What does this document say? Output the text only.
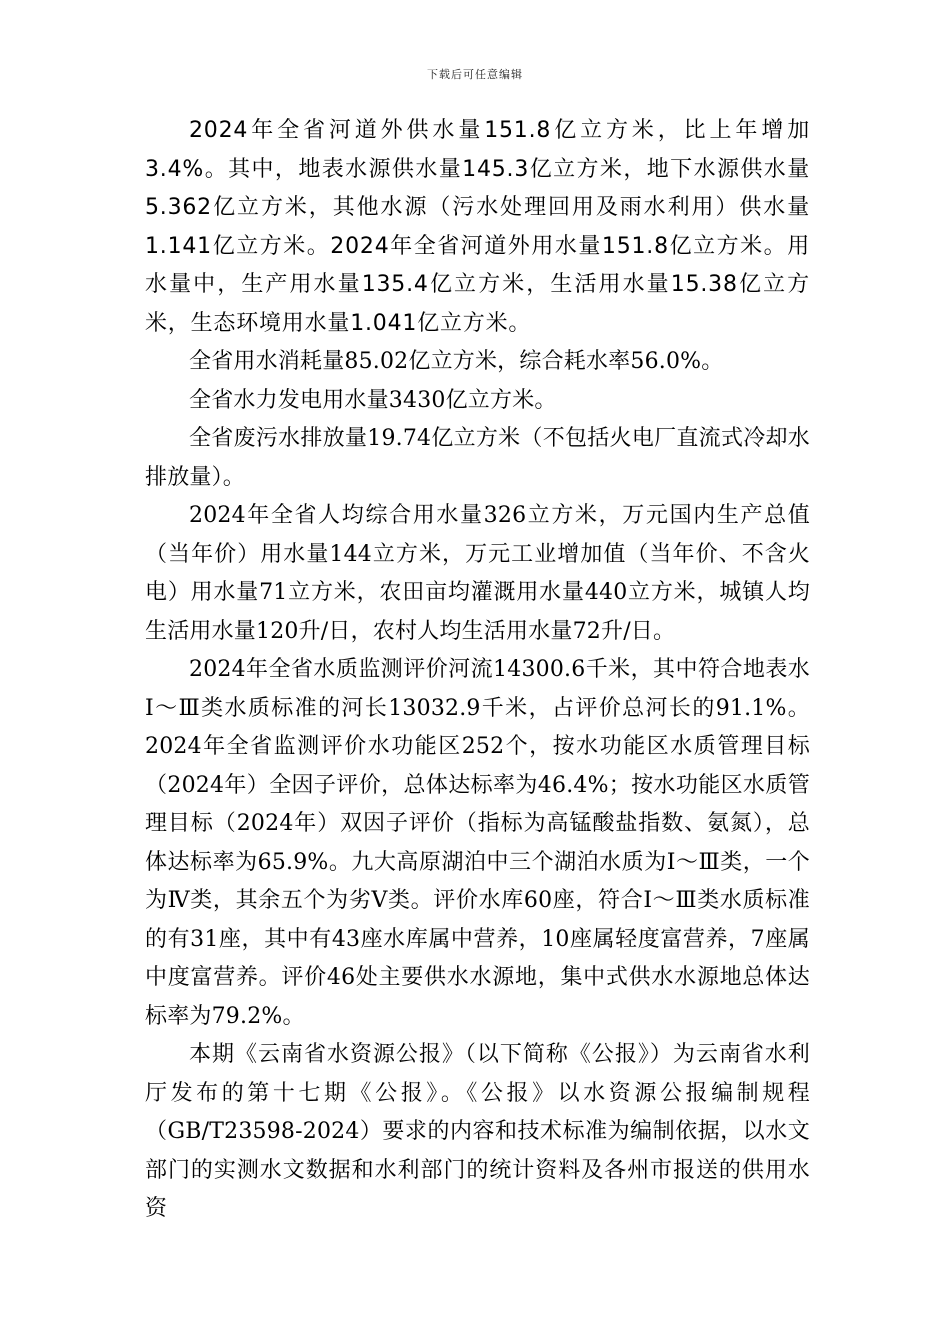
下载后可任意编辑

2024年全省河道外供水量151.8亿立方米，比上年增加3.4%。其中，地表水源供水量145.3亿立方米，地下水源供水量5.362亿立方米，其他水源（污水处理回用及雨水利用）供水量1.141亿立方米。2024年全省河道外用水量151.8亿立方米。用水量中，生产用水量135.4亿立方米，生活用水量15.38亿立方米，生态环境用水量1.041亿立方米。

全省用水消耗量85.02亿立方米，综合耗水率56.0%。

全省水力发电用水量3430亿立方米。

全省废污水排放量19.74亿立方米（不包括火电厂直流式冷却水排放量）。

2024年全省人均综合用水量326立方米，万元国内生产总值（当年价）用水量144立方米，万元工业增加值（当年价、不含火电）用水量71立方米，农田亩均灌溉用水量440立方米，城镇人均生活用水量120升/日，农村人均生活用水量72升/日。

2024年全省水质监测评价河流14300.6千米，其中符合地表水Ⅰ～Ⅲ类水质标准的河长13032.9千米，占评价总河长的91.1%。2024年全省监测评价水功能区252个，按水功能区水质管理目标（2024年）全因子评价，总体达标率为46.4%；按水功能区水质管理目标（2024年）双因子评价（指标为高锰酸盐指数、氨氮），总体达标率为65.9%。九大高原湖泊中三个湖泊水质为Ⅰ～Ⅲ类，一个为Ⅳ类，其余五个为劣Ⅴ类。评价水库60座，符合Ⅰ～Ⅲ类水质标准的有31座，其中有43座水库属中营养，10座属轻度富营养，7座属中度富营养。评价46处主要供水水源地，集中式供水水源地总体达标率为79.2%。

本期《云南省水资源公报》（以下简称《公报》）为云南省水利厅发布的第十七期《公报》。《公报》以水资源公报编制规程（GB/T23598-2024）要求的内容和技术标准为编制依据，以水文部门的实测水文数据和水利部门的统计资料及各州市报送的供用水资
